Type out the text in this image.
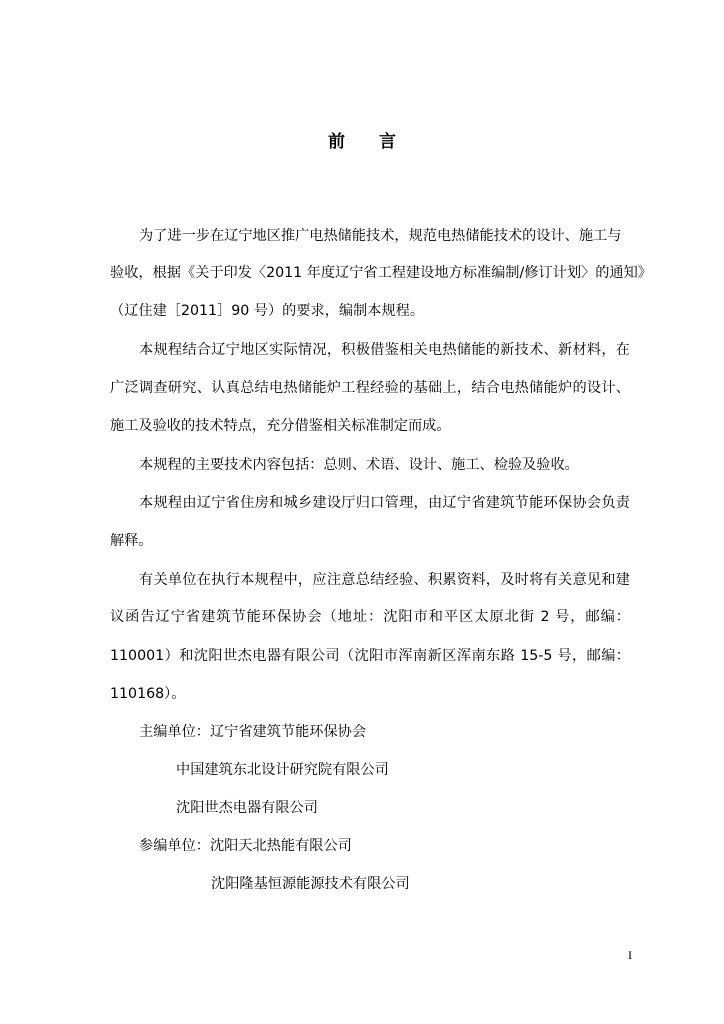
前 言
为了进一步在辽宁地区推广电热储能技术，规范电热储能技术的设计、施工与
验收，根据《关于印发〈2011 年度辽宁省工程建设地方标准编制/修订计划〉的通知》
（辽住建［2011］90 号）的要求，编制本规程。
本规程结合辽宁地区实际情况，积极借鉴相关电热储能的新技术、新材料，在
广泛调查研究、认真总结电热储能炉工程经验的基础上，结合电热储能炉的设计、
施工及验收的技术特点，充分借鉴相关标准制定而成。
本规程的主要技术内容包括：总则、术语、设计、施工、检验及验收。
本规程由辽宁省住房和城乡建设厅归口管理，由辽宁省建筑节能环保协会负责
解释。
有关单位在执行本规程中，应注意总结经验、积累资料，及时将有关意见和建
议函告辽宁省建筑节能环保协会（地址：沈阳市和平区太原北街 2 号，邮编：
110001）和沈阳世杰电器有限公司（沈阳市浑南新区浑南东路 15-5 号，邮编：
110168）。
主编单位：辽宁省建筑节能环保协会
中国建筑东北设计研究院有限公司
沈阳世杰电器有限公司
参编单位：沈阳天北热能有限公司
沈阳隆基恒源能源技术有限公司
I
